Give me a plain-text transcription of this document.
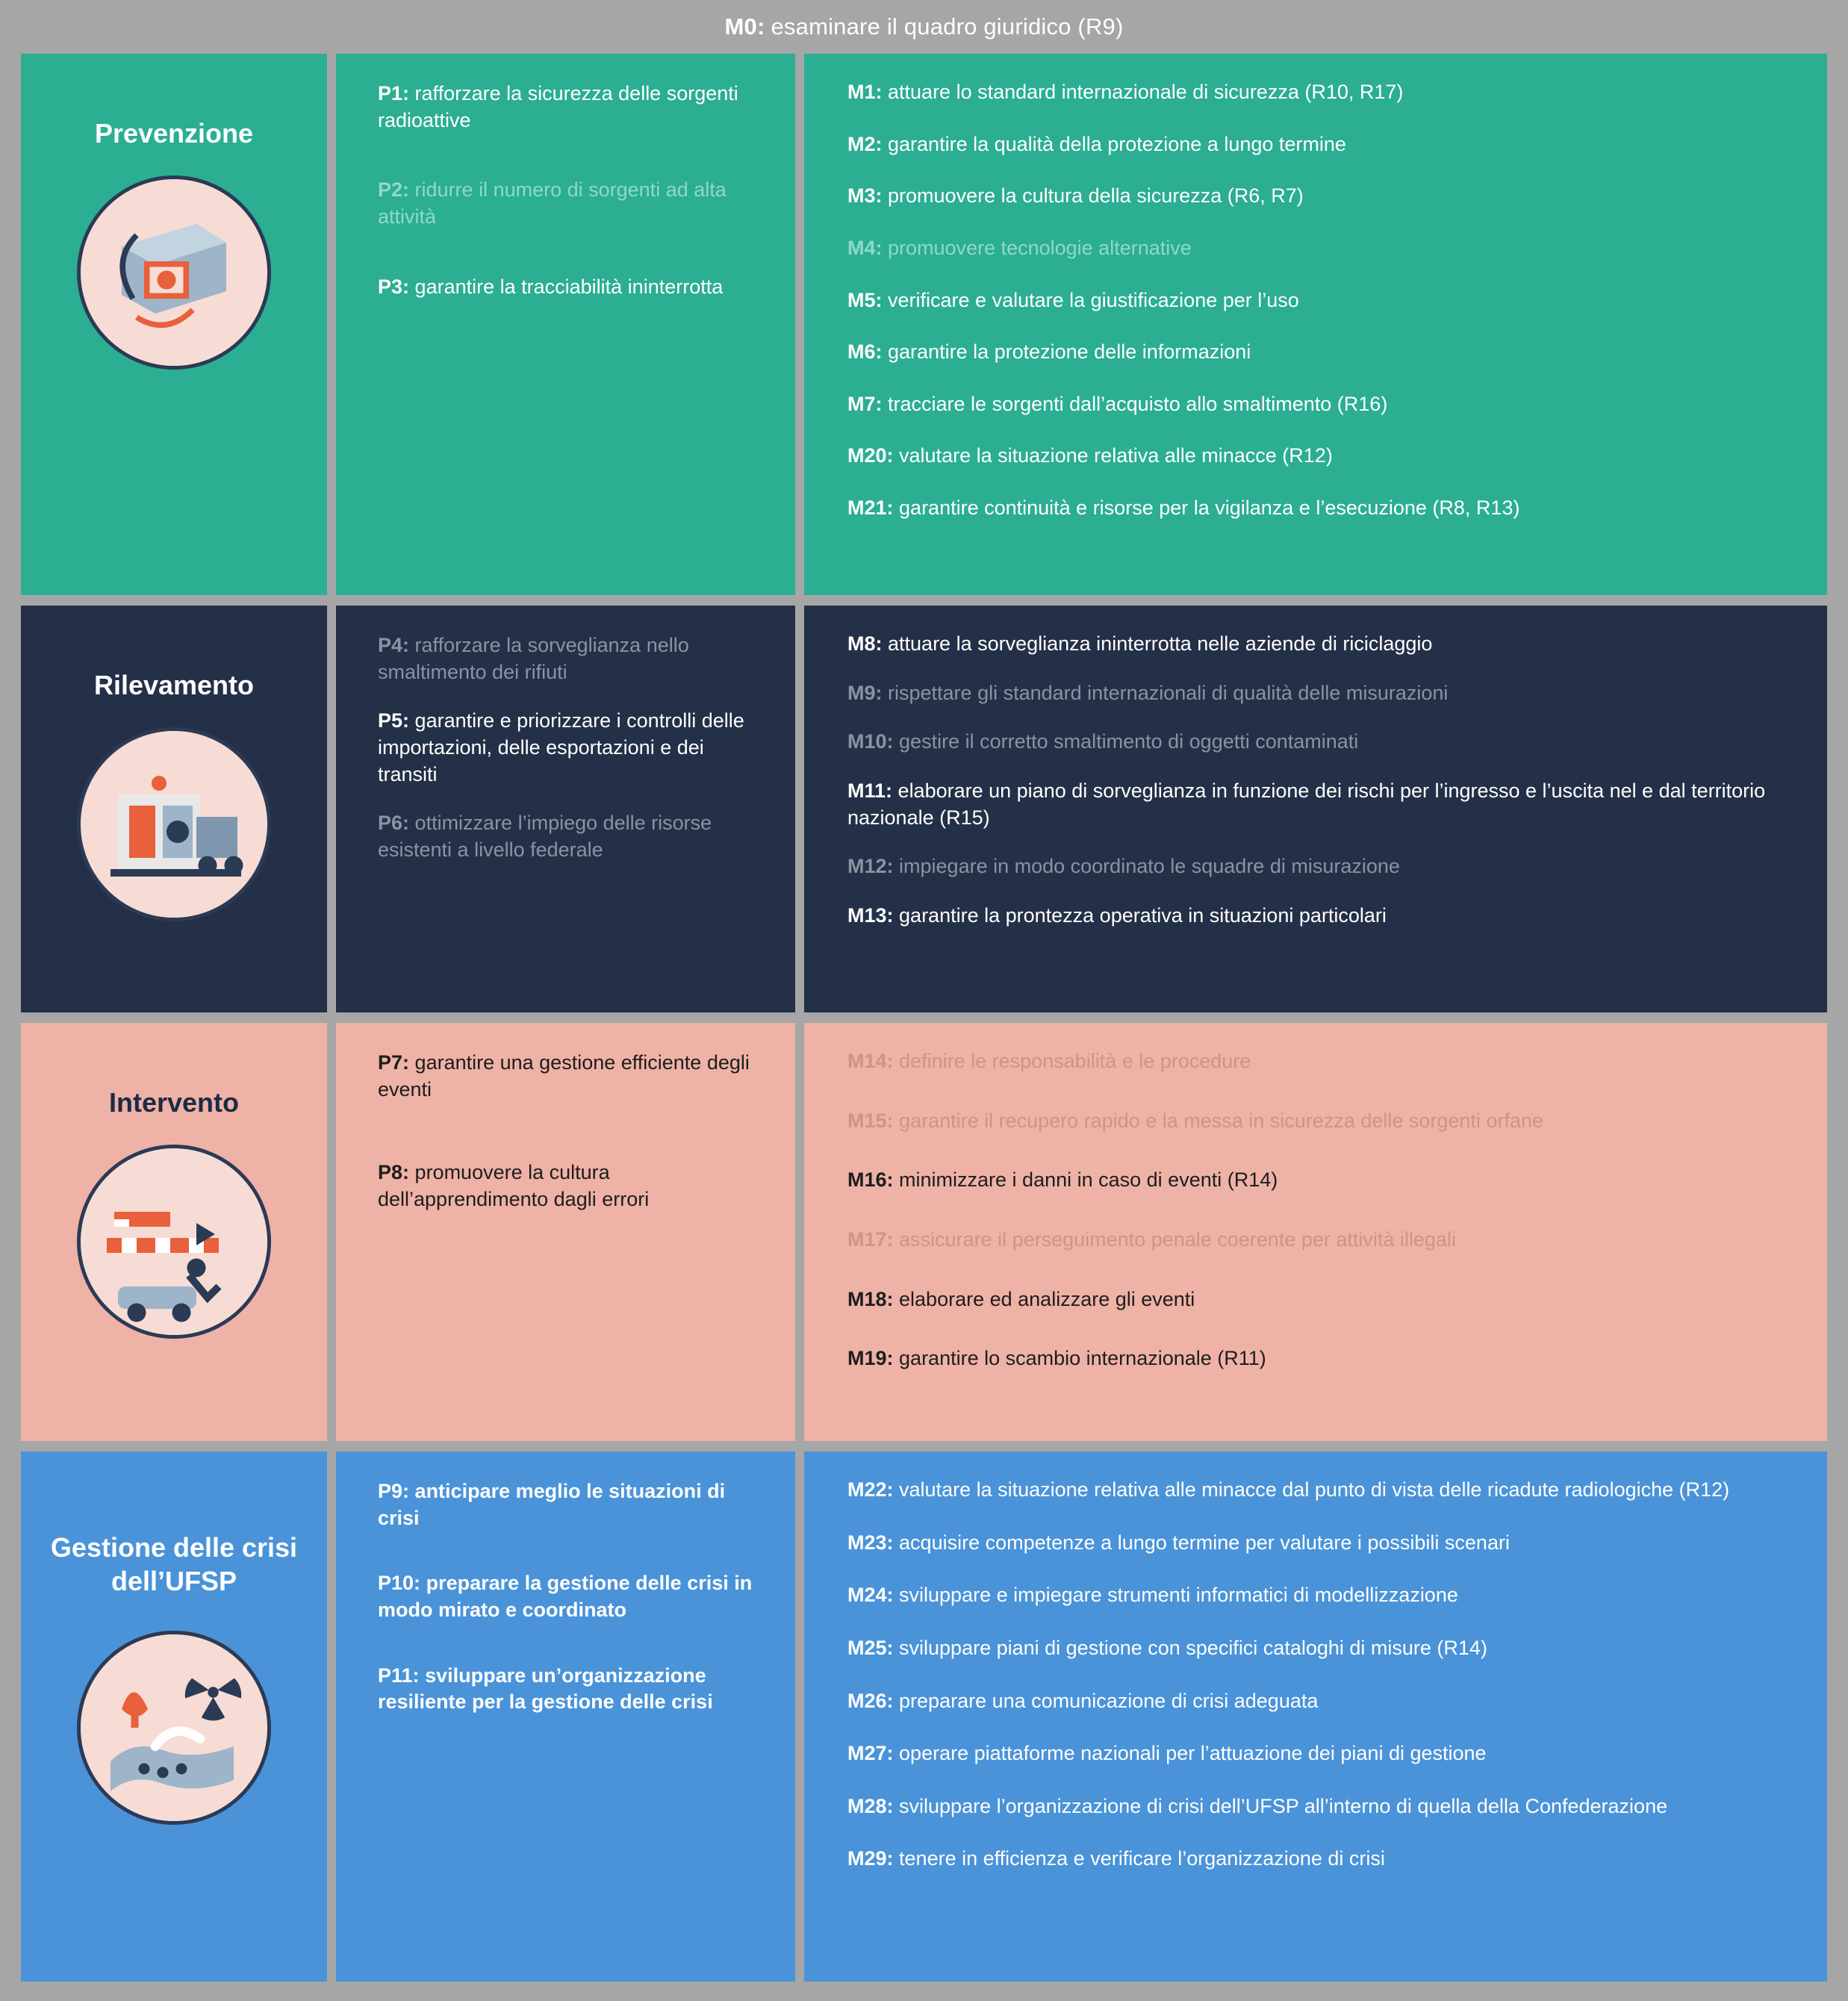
M0: esaminare il quadro giuridico (R9)
Prevenzione
P1: rafforzare la sicurezza delle sorgenti radioattive
P2: ridurre il numero di sorgenti ad alta attività
P3: garantire la tracciabilità ininterrotta
M1: attuare lo standard internazionale di sicurezza (R10, R17)
M2: garantire la qualità della protezione a lungo termine
M3: promuovere la cultura della sicurezza (R6, R7)
M4: promuovere tecnologie alternative
M5: verificare e valutare la giustificazione per l’uso
M6: garantire la protezione delle informazioni
M7: tracciare le sorgenti dall’acquisto allo smaltimento (R16)
M20: valutare la situazione relativa alle minacce (R12)
M21: garantire continuità e risorse per la vigilanza e l’esecuzione (R8, R13)
Rilevamento
P4: rafforzare la sorveglianza nello smaltimento dei rifiuti
P5: garantire e priorizzare i controlli delle importazioni, delle esportazioni e dei transiti
P6: ottimizzare l’impiego delle risorse esistenti a livello federale
M8: attuare la sorveglianza ininterrotta nelle aziende di riciclaggio
M9: rispettare gli standard internazionali di qualità delle misurazioni
M10: gestire il corretto smaltimento di oggetti contaminati
M11: elaborare un piano di sorveglianza in funzione dei rischi per l’ingresso e l’uscita nel e dal territorio nazionale (R15)
M12: impiegare in modo coordinato le squadre di misurazione
M13: garantire la prontezza operativa in situazioni particolari
Intervento
P7: garantire una gestione efficiente degli eventi
P8: promuovere la cultura dell’apprendimento dagli errori
M14: definire le responsabilità e le procedure
M15: garantire il recupero rapido e la messa in sicurezza delle sorgenti orfane
M16: minimizzare i danni in caso di eventi (R14)
M17: assicurare il perseguimento penale coerente per attività illegali
M18: elaborare ed analizzare gli eventi
M19: garantire lo scambio internazionale (R11)
Gestione delle crisi dell’UFSP
P9: anticipare meglio le situazioni di crisi
P10: preparare la gestione delle crisi in modo mirato e coordinato
P11: sviluppare un’organizzazione resiliente per la gestione delle crisi
M22: valutare la situazione relativa alle minacce dal punto di vista delle ricadute radiologiche (R12)
M23: acquisire competenze a lungo termine per valutare i possibili scenari
M24: sviluppare e impiegare strumenti informatici di modellizzazione
M25: sviluppare piani di gestione con specifici cataloghi di misure (R14)
M26: preparare una comunicazione di crisi adeguata
M27: operare piattaforme nazionali per l’attuazione dei piani di gestione
M28: sviluppare l’organizzazione di crisi dell’UFSP all’interno di quella della Confederazione
M29: tenere in efficienza e verificare l’organizzazione di crisi
